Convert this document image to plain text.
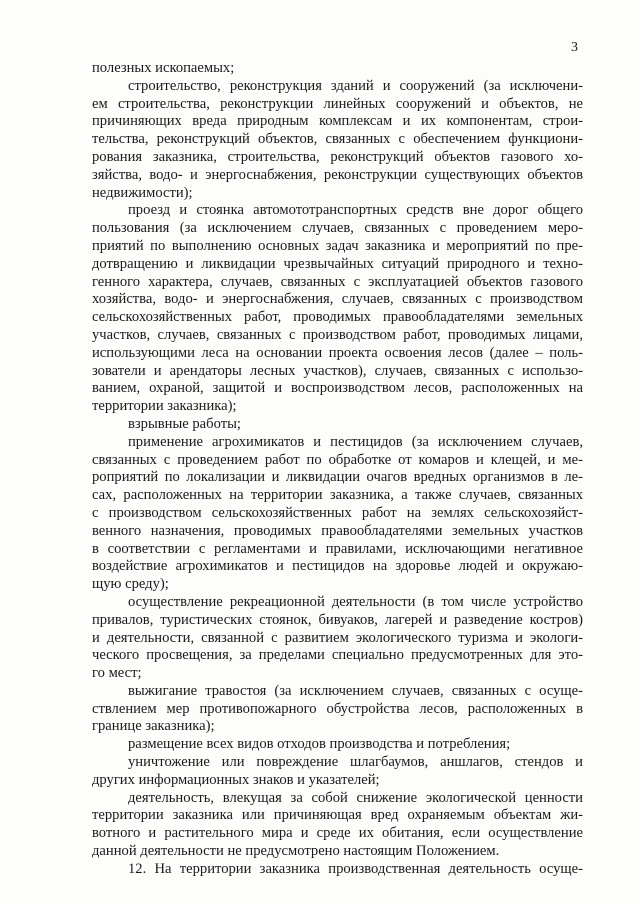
3
полезных ископаемых;
строительство, реконструкция зданий и сооружений (за исключени-
ем строительства, реконструкции линейных сооружений и объектов, не
причиняющих вреда природным комплексам и их компонентам, строи-
тельства, реконструкций объектов, связанных с обеспечением функциони-
рования заказника, строительства, реконструкций объектов газового хо-
зяйства, водо- и энергоснабжения, реконструкции существующих объектов
недвижимости);
проезд и стоянка автомототранспортных средств вне дорог общего
пользования (за исключением случаев, связанных с проведением меро-
приятий по выполнению основных задач заказника и мероприятий по пре-
дотвращению и ликвидации чрезвычайных ситуаций природного и техно-
генного характера, случаев, связанных с эксплуатацией объектов газового
хозяйства, водо- и энергоснабжения, случаев, связанных с производством
сельскохозяйственных работ, проводимых правообладателями земельных
участков, случаев, связанных с производством работ, проводимых лицами,
использующими леса на основании проекта освоения лесов (далее – поль-
зователи и арендаторы лесных участков), случаев, связанных с использо-
ванием, охраной, защитой и воспроизводством лесов, расположенных на
территории заказника);
взрывные работы;
применение агрохимикатов и пестицидов (за исключением случаев,
связанных с проведением работ по обработке от комаров и клещей, и ме-
роприятий по локализации и ликвидации очагов вредных организмов в ле-
сах, расположенных на территории заказника, а также случаев, связанных
с производством сельскохозяйственных работ на землях сельскохозяйст-
венного назначения, проводимых правообладателями земельных участков
в соответствии с регламентами и правилами, исключающими негативное
воздействие агрохимикатов и пестицидов на здоровье людей и окружаю-
щую среду);
осуществление рекреационной деятельности (в том числе устройство
привалов, туристических стоянок, бивуаков, лагерей и разведение костров)
и деятельности, связанной с развитием экологического туризма и экологи-
ческого просвещения, за пределами специально предусмотренных для это-
го мест;
выжигание травостоя (за исключением случаев, связанных с осуще-
ствлением мер противопожарного обустройства лесов, расположенных в
границе заказника);
размещение всех видов отходов производства и потребления;
уничтожение или повреждение шлагбаумов, аншлагов, стендов и
других информационных знаков и указателей;
деятельность, влекущая за собой снижение экологической ценности
территории заказника или причиняющая вред охраняемым объектам жи-
вотного и растительного мира и среде их обитания, если осуществление
данной деятельности не предусмотрено настоящим Положением.
12. На территории заказника производственная деятельность осуще-
